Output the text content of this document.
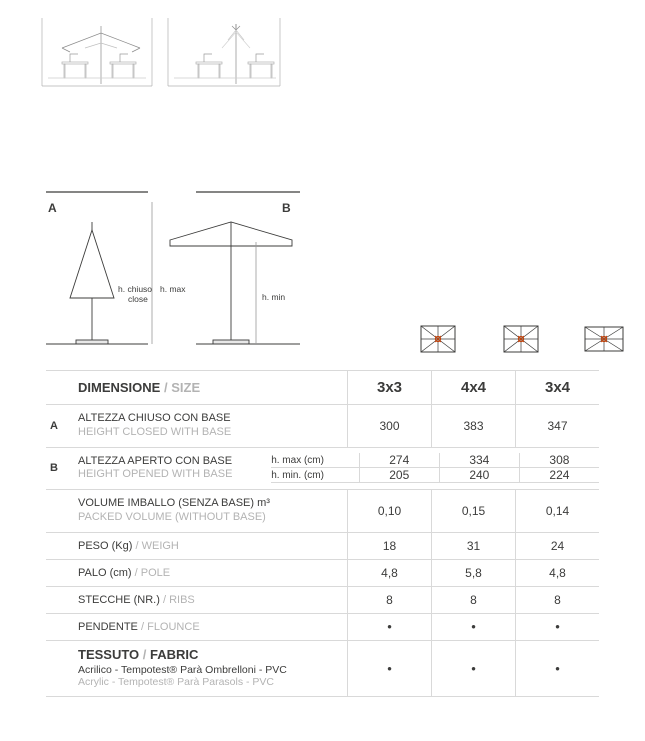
A	B
h. chiuso
close
h. max
h. min
	DIMENSIONE / SIZE	3x3	4x4	3x4
A	
ALTEZZA CHIUSO CON BASE
HEIGHT CLOSED WITH BASE	300	383	347
B	
ALTEZZA APERTO CON BASE
HEIGHT OPENED WITH BASE

h. max (cm)	274	334	308
h. min. (cm)	205	240	224

VOLUME IMBALLO (SENZA BASE) m³
PACKED VOLUME (WITHOUT BASE)	0,10	0,15	0,14
	PESO (Kg) / WEIGH	18	31	24
	PALO (cm) / POLE	4,8	5,8	4,8
	STECCHE (NR.) / RIBS	8	8	8
	PENDENTE / FLOUNCE	•	•	•

TESSUTO / FABRIC
Acrilico - Tempotest® Parà Ombrelloni - PVC
Acrylic - Tempotest® Parà Parasols - PVC
	•	•	•
